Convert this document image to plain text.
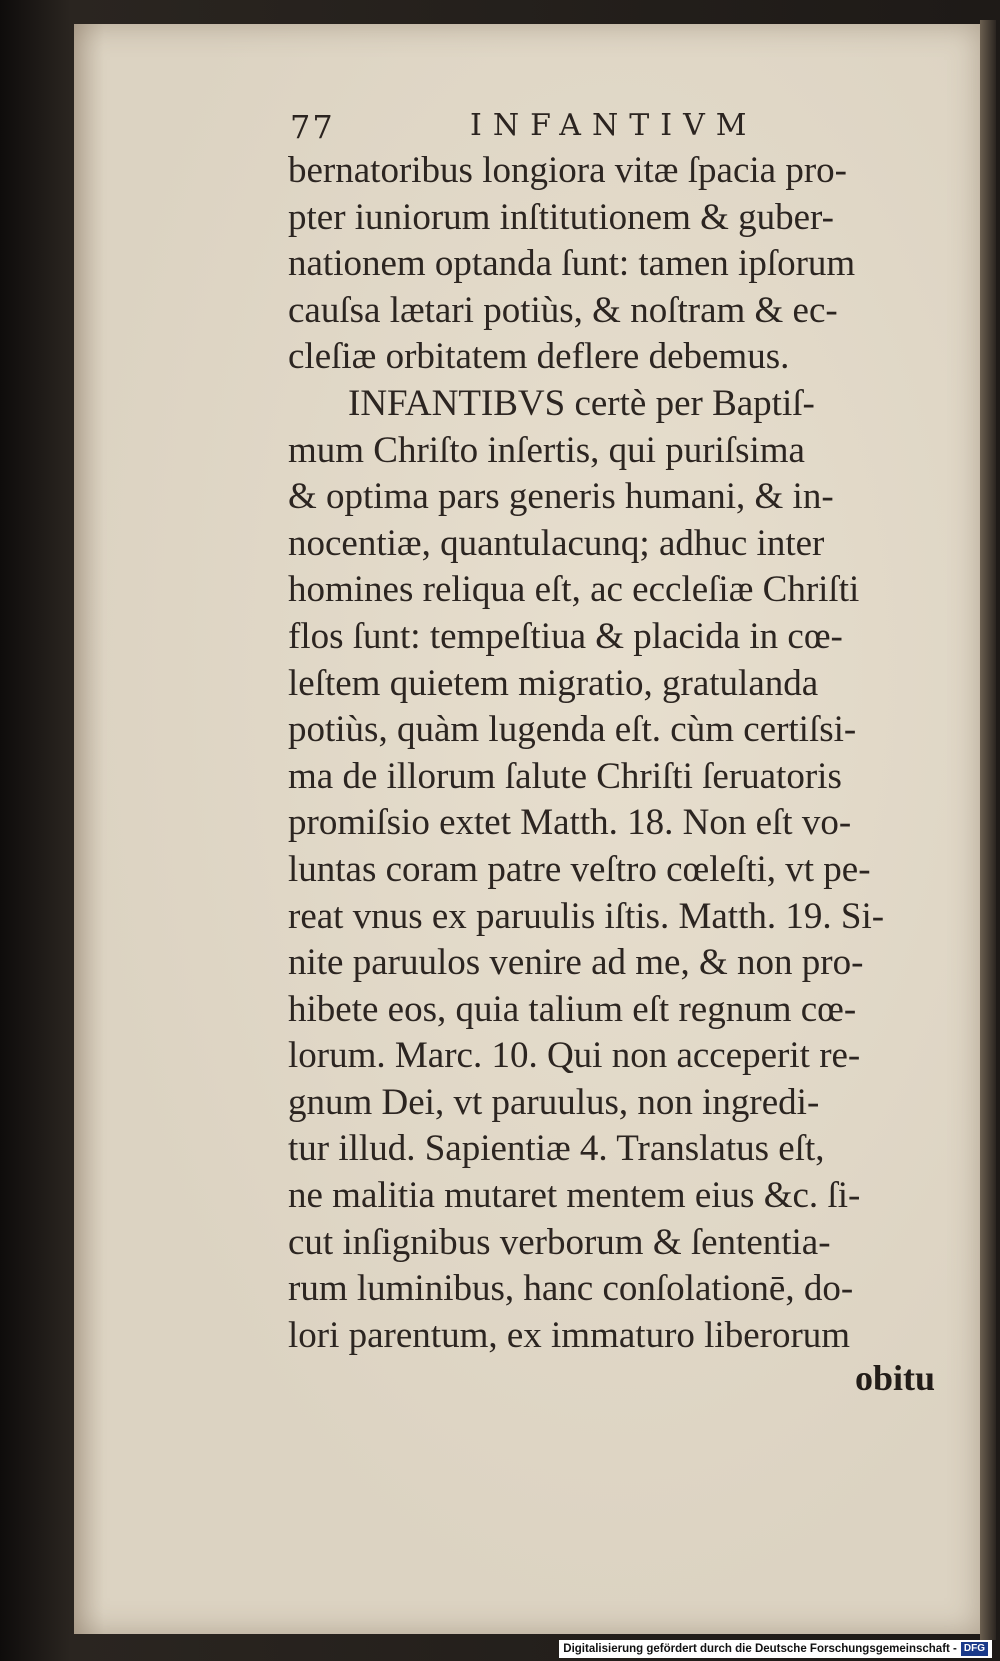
77	INFANTIVM
bernatoribus longiora vitæ ſpacia pro-
pter iuniorum inſtitutionem & guber-
nationem optanda ſunt: tamen ipſorum
cauſsa lætari potiùs, & noſtram & ec-
cleſiæ orbitatem deflere debemus.
INFANTIBVS certè per Baptiſ-
mum Chriſto inſertis, qui puriſsima
& optima pars generis humani, & in-
nocentiæ, quantulacunq; adhuc inter
homines reliqua eſt, ac eccleſiæ Chriſti
flos ſunt: tempeſtiua & placida in cœ-
leſtem quietem migratio, gratulanda
potiùs, quàm lugenda eſt. cùm certiſsi-
ma de illorum ſalute Chriſti ſeruatoris
promiſsio extet Matth. 18. Non eſt vo-
luntas coram patre veſtro cœleſti, vt pe-
reat vnus ex paruulis iſtis. Matth. 19. Si-
nite paruulos venire ad me, & non pro-
hibete eos, quia talium eſt regnum cœ-
lorum. Marc. 10. Qui non acceperit re-
gnum Dei, vt paruulus, non ingredi-
tur illud. Sapientiæ 4. Translatus eſt,
ne malitia mutaret mentem eius &c. ſi-
cut inſignibus verborum & ſententia-
rum luminibus, hanc conſolationē, do-
lori parentum, ex immaturo liberorum
obitu
Digitalisierung gefördert durch die Deutsche Forschungsgemeinschaft - DFG
